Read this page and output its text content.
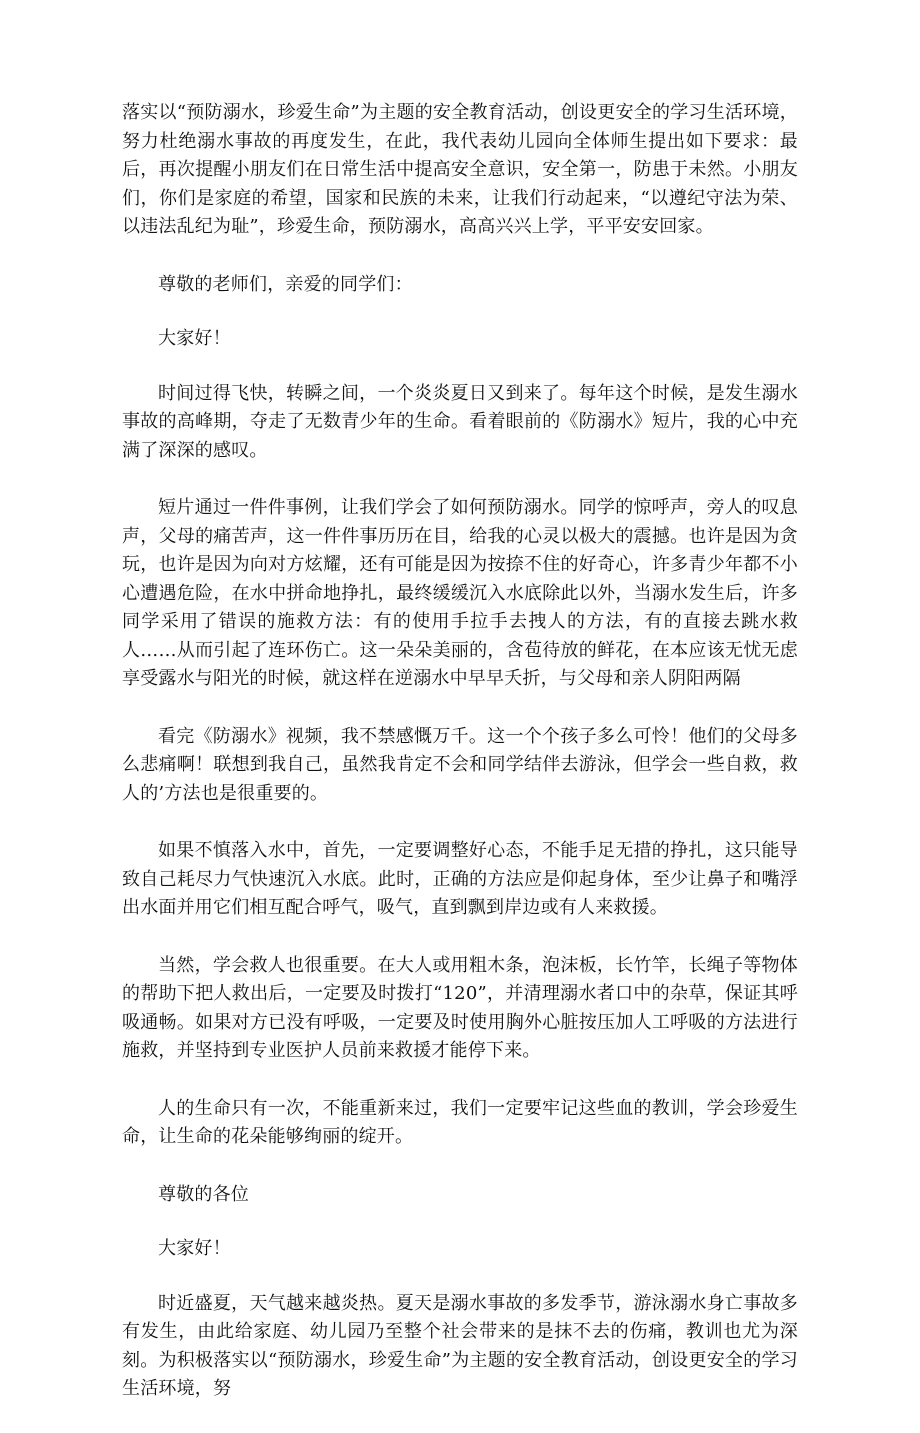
落实以“预防溺水，珍爱生命”为主题的安全教育活动，创设更安全的学习生活环境，努力杜绝溺水事故的再度发生，在此，我代表幼儿园向全体师生提出如下要求：最后，再次提醒小朋友们在日常生活中提高安全意识，安全第一，防患于未然。小朋友们，你们是家庭的希望，国家和民族的未来，让我们行动起来，“以遵纪守法为荣、以违法乱纪为耻”，珍爱生命，预防溺水，高高兴兴上学，平平安安回家。

尊敬的老师们，亲爱的同学们：

大家好！

时间过得飞快，转瞬之间，一个炎炎夏日又到来了。每年这个时候，是发生溺水事故的高峰期，夺走了无数青少年的生命。看着眼前的《防溺水》短片，我的心中充满了深深的感叹。

短片通过一件件事例，让我们学会了如何预防溺水。同学的惊呼声，旁人的叹息声，父母的痛苦声，这一件件事历历在目，给我的心灵以极大的震撼。也许是因为贪玩，也许是因为向对方炫耀，还有可能是因为按捺不住的好奇心，许多青少年都不小心遭遇危险，在水中拼命地挣扎，最终缓缓沉入水底除此以外，当溺水发生后，许多同学采用了错误的施救方法：有的使用手拉手去拽人的方法，有的直接去跳水救人……从而引起了连环伤亡。这一朵朵美丽的，含苞待放的鲜花，在本应该无忧无虑享受露水与阳光的时候，就这样在逆溺水中早早夭折，与父母和亲人阴阳两隔

看完《防溺水》视频，我不禁感慨万千。这一个个孩子多么可怜！他们的父母多么悲痛啊！联想到我自己，虽然我肯定不会和同学结伴去游泳，但学会一些自救，救人的’方法也是很重要的。

如果不慎落入水中，首先，一定要调整好心态，不能手足无措的挣扎，这只能导致自己耗尽力气快速沉入水底。此时，正确的方法应是仰起身体，至少让鼻子和嘴浮出水面并用它们相互配合呼气，吸气，直到飘到岸边或有人来救援。

当然，学会救人也很重要。在大人或用粗木条，泡沫板，长竹竿，长绳子等物体的帮助下把人救出后，一定要及时拨打“120”，并清理溺水者口中的杂草，保证其呼吸通畅。如果对方已没有呼吸，一定要及时使用胸外心脏按压加人工呼吸的方法进行施救，并坚持到专业医护人员前来救援才能停下来。

人的生命只有一次，不能重新来过，我们一定要牢记这些血的教训，学会珍爱生命，让生命的花朵能够绚丽的绽开。

尊敬的各位

大家好！

时近盛夏，天气越来越炎热。夏天是溺水事故的多发季节，游泳溺水身亡事故多有发生，由此给家庭、幼儿园乃至整个社会带来的是抹不去的伤痛，教训也尤为深刻。为积极落实以“预防溺水，珍爱生命”为主题的安全教育活动，创设更安全的学习生活环境，努
